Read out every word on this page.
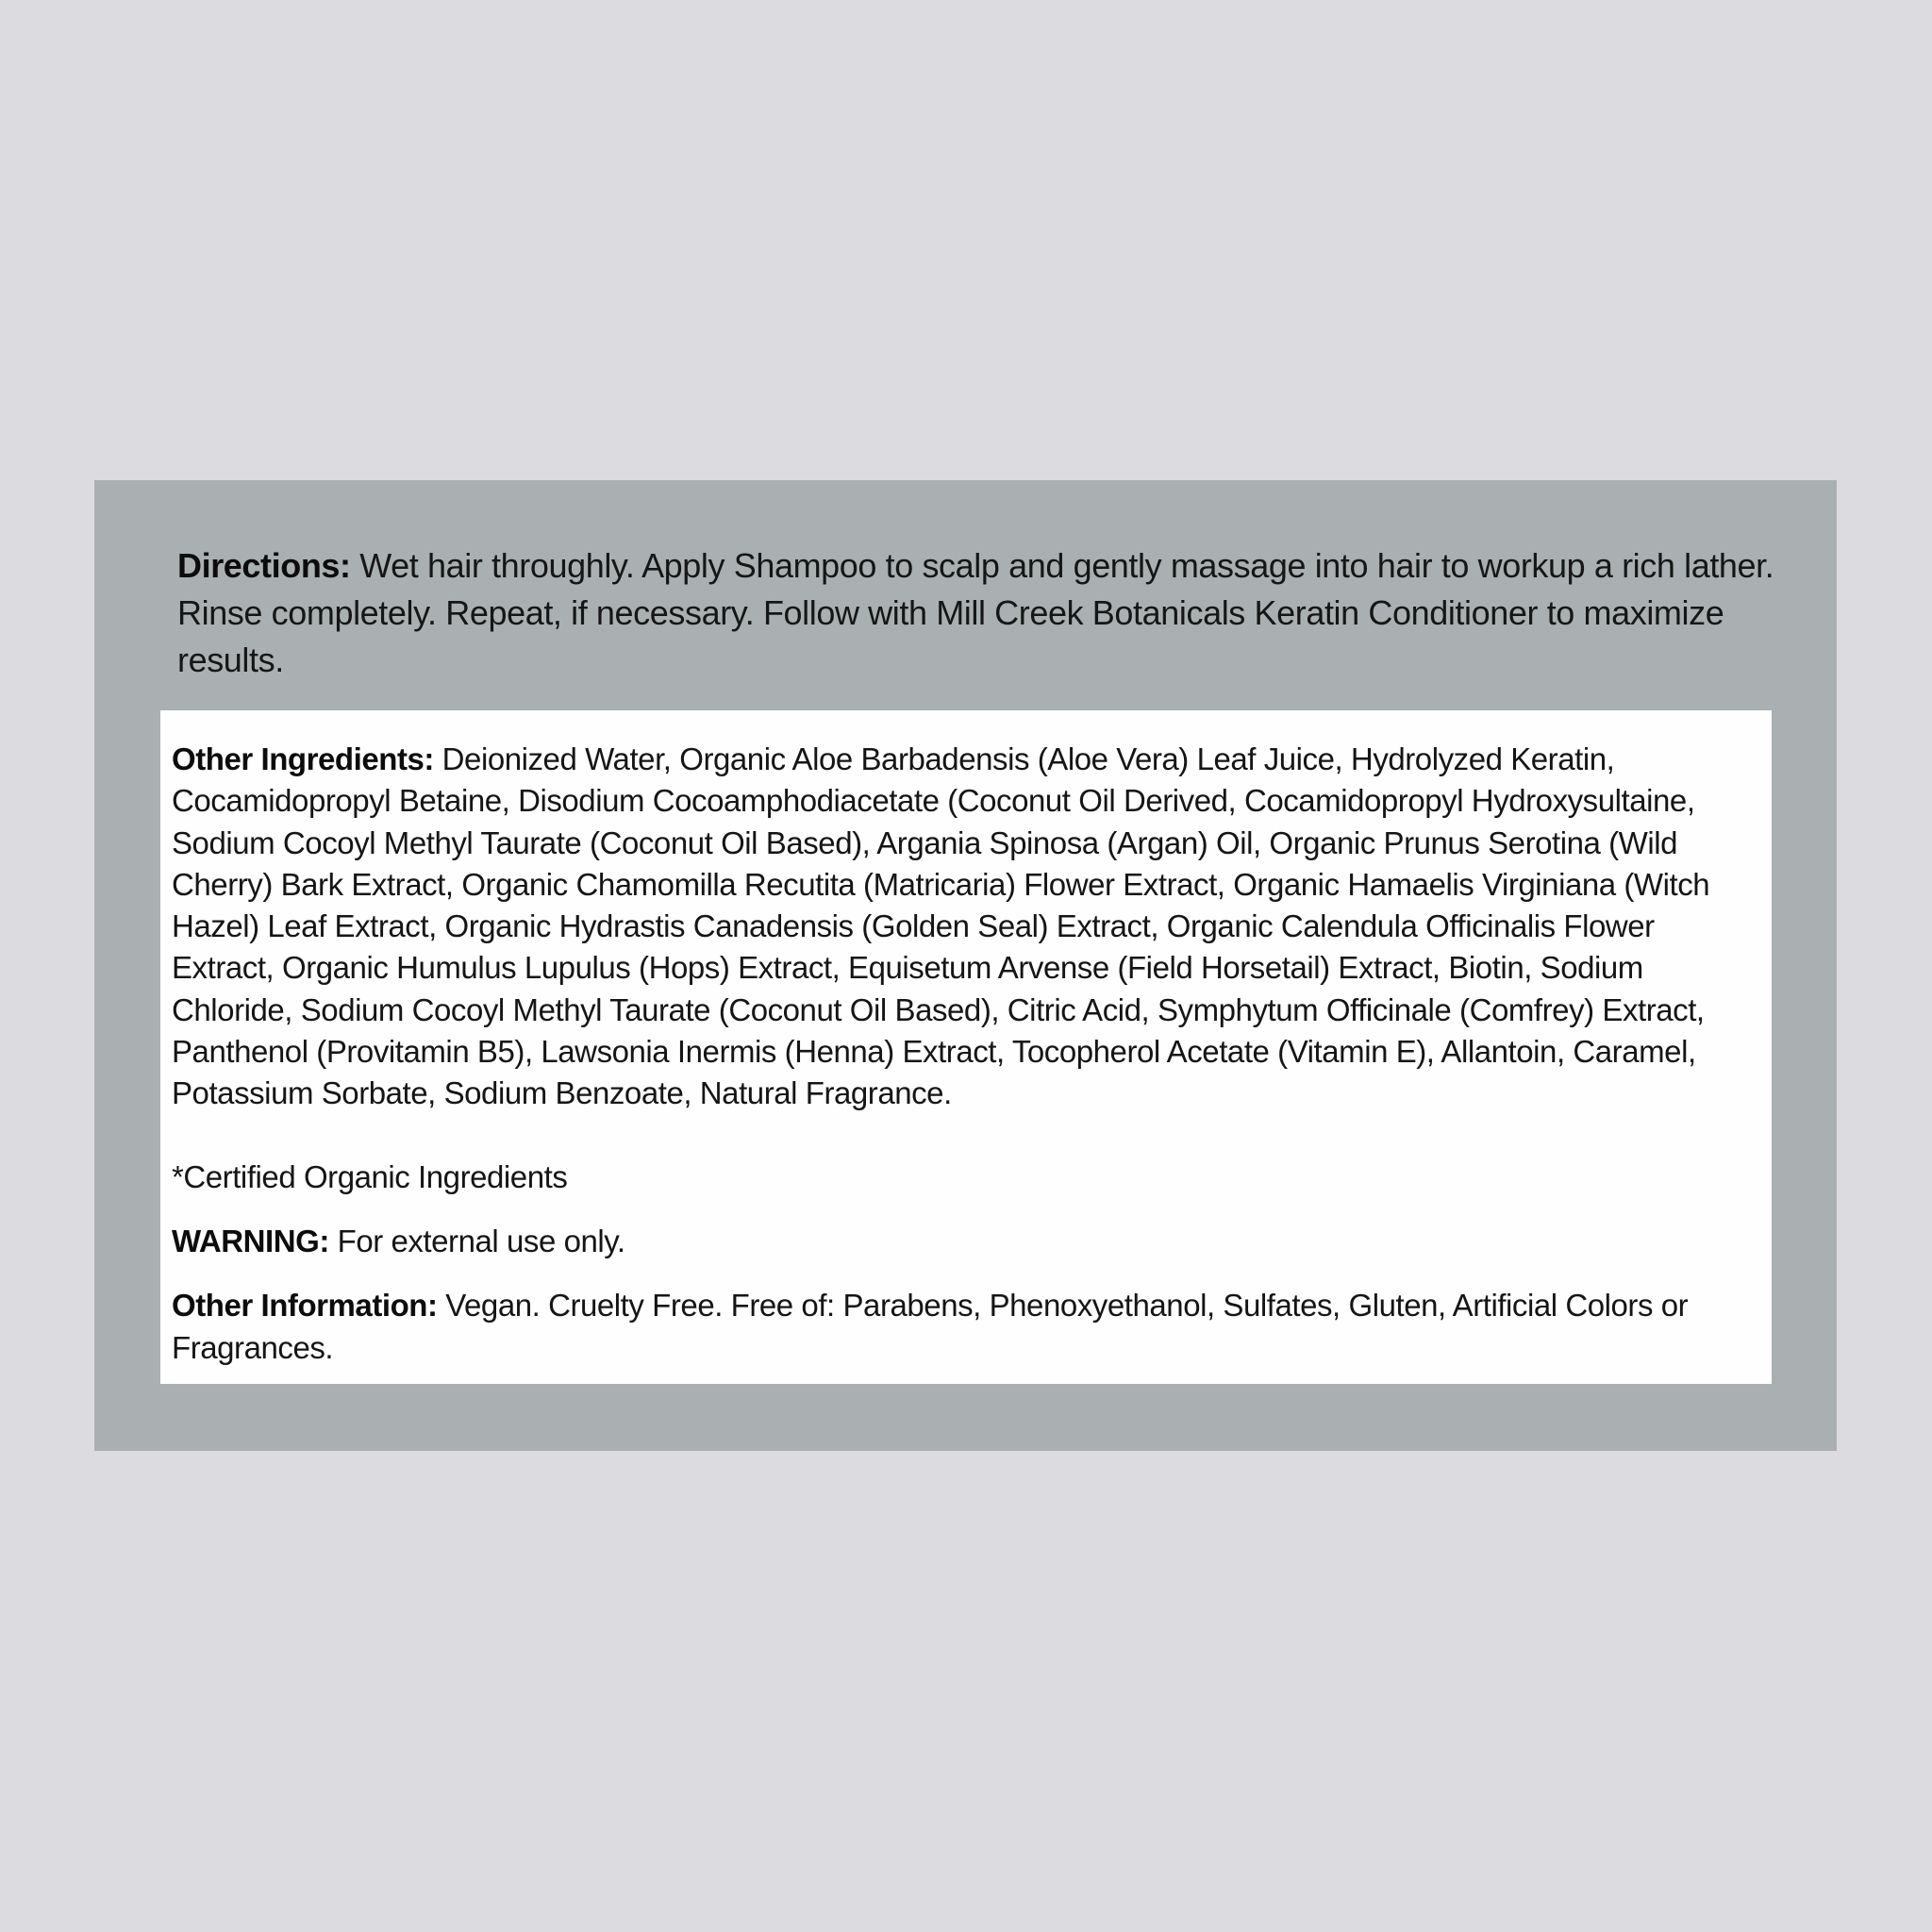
Directions: Wet hair throughly. Apply Shampoo to scalp and gently massage into hair to workup a rich lather. Rinse completely. Repeat, if necessary. Follow with Mill Creek Botanicals Keratin Conditioner to maximize results.

Other Ingredients: Deionized Water, Organic Aloe Barbadensis (Aloe Vera) Leaf Juice, Hydrolyzed Keratin, Cocamidopropyl Betaine, Disodium Cocoamphodiacetate (Coconut Oil Derived, Cocamidopropyl Hydroxysultaine, Sodium Cocoyl Methyl Taurate (Coconut Oil Based), Argania Spinosa (Argan) Oil, Organic Prunus Serotina (Wild Cherry) Bark Extract, Organic Chamomilla Recutita (Matricaria) Flower Extract, Organic Hamaelis Virginiana (Witch Hazel) Leaf Extract, Organic Hydrastis Canadensis (Golden Seal) Extract, Organic Calendula Officinalis Flower Extract, Organic Humulus Lupulus (Hops) Extract, Equisetum Arvense (Field Horsetail) Extract, Biotin, Sodium Chloride, Sodium Cocoyl Methyl Taurate (Coconut Oil Based), Citric Acid, Symphytum Officinale (Comfrey) Extract, Panthenol (Provitamin B5), Lawsonia Inermis (Henna) Extract, Tocopherol Acetate (Vitamin E), Allantoin, Caramel, Potassium Sorbate, Sodium Benzoate, Natural Fragrance.

*Certified Organic Ingredients

WARNING: For external use only.

Other Information: Vegan. Cruelty Free. Free of: Parabens, Phenoxyethanol, Sulfates, Gluten, Artificial Colors or Fragrances.
